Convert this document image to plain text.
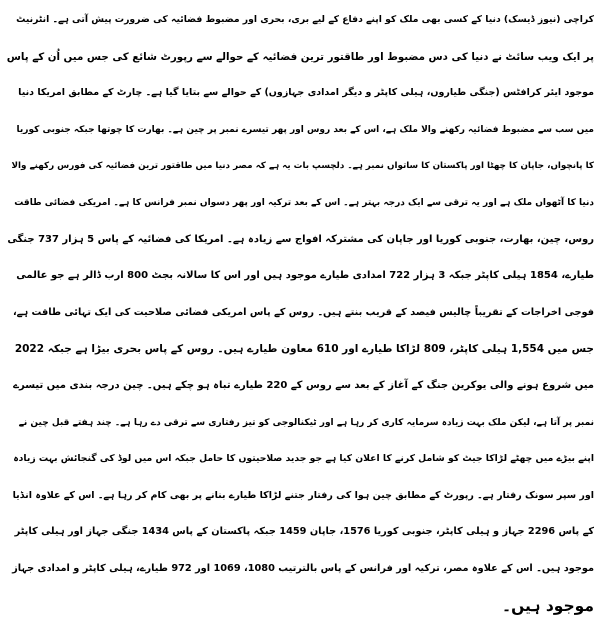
کراچی (نیوز ڈیسک) دنیا کے کسی بھی ملک کو اپنے دفاع کے لیے بری، بحری اور مضبوط فضائیہ کی ضرورت پیش آتی ہے۔ انٹرنیٹ
پر ایک ویب سائٹ نے دنیا کی دس مضبوط اور طاقتور ترین فضائیہ کے حوالے سے رپورٹ شائع کی جس میں اُن کے پاس
موجود ایئر کرافٹس (جنگی طیاروں، ہیلی کاپٹر و دیگر امدادی جہازوں) کے حوالے سے بتایا گیا ہے۔ چارٹ کے مطابق امریکا دنیا
میں سب سے مضبوط فضائیہ رکھنے والا ملک ہے، اس کے بعد روس اور پھر تیسرے نمبر پر چین ہے۔ بھارت کا چوتھا جبکہ جنوبی کوریا
کا پانچواں، جاپان کا چھٹا اور پاکستان کا ساتواں نمبر ہے۔ دلچسپ بات یہ ہے کہ مصر دنیا میں طاقتور ترین فضائیہ کی فورس رکھنے والا
دنیا کا آٹھواں ملک ہے اور یہ ترقی سے ایک درجہ بہتر ہے۔ اس کے بعد ترکیہ اور پھر دسواں نمبر فرانس کا ہے۔ امریکی فضائی طاقت
روس، چین، بھارت، جنوبی کوریا اور جاپان کی مشترکہ افواج سے زیادہ ہے۔ امریکا کی فضائیہ کے پاس 5 ہزار 737 جنگی
طیارے، 1854 ہیلی کاپٹر جبکہ 3 ہزار 722 امدادی طیارے موجود ہیں اور اس کا سالانہ بجٹ 800 ارب ڈالر ہے جو عالمی
فوجی اخراجات کے تقریباً چالیس فیصد کے قریب بنتے ہیں۔ روس کے پاس امریکی فضائی صلاحیت کی ایک تہائی طاقت ہے،
جس میں 1,554 ہیلی کاپٹر، 809 لڑاکا طیارے اور 610 معاون طیارے ہیں۔ روس کے پاس بحری بیڑا ہے جبکہ 2022
میں شروع ہونے والی یوکرین جنگ کے آغاز کے بعد سے روس کے 220 طیارے تباہ ہو چکے ہیں۔ چین درجہ بندی میں تیسرے
نمبر پر آتا ہے، لیکن ملک بہت زیادہ سرمایہ کاری کر رہا ہے اور ٹیکنالوجی کو تیز رفتاری سے ترقی دے رہا ہے۔ چند ہفتے قبل چین نے
اپنے بیڑے میں چھٹے لڑاکا جیٹ کو شامل کرنے کا اعلان کیا ہے جو جدید صلاحیتوں کا حامل جبکہ اس میں لوڈ کی گنجائش بہت زیادہ
اور سپر سونک رفتار ہے۔ رپورٹ کے مطابق چین ہوا کی رفتار جتنے لڑاکا طیارے بنانے پر بھی کام کر رہا ہے۔ اس کے علاوہ انڈیا
کے پاس 2296 جہاز و ہیلی کاپٹر، جنوبی کوریا 1576، جاپان 1459 جبکہ پاکستان کے پاس 1434 جنگی جہاز اور ہیلی کاپٹر
موجود ہیں۔ اس کے علاوہ مصر، ترکیہ اور فرانس کے پاس بالترتیب 1080، 1069 اور 972 طیارے، ہیلی کاپٹر و امدادی جہاز
موجود ہیں۔
